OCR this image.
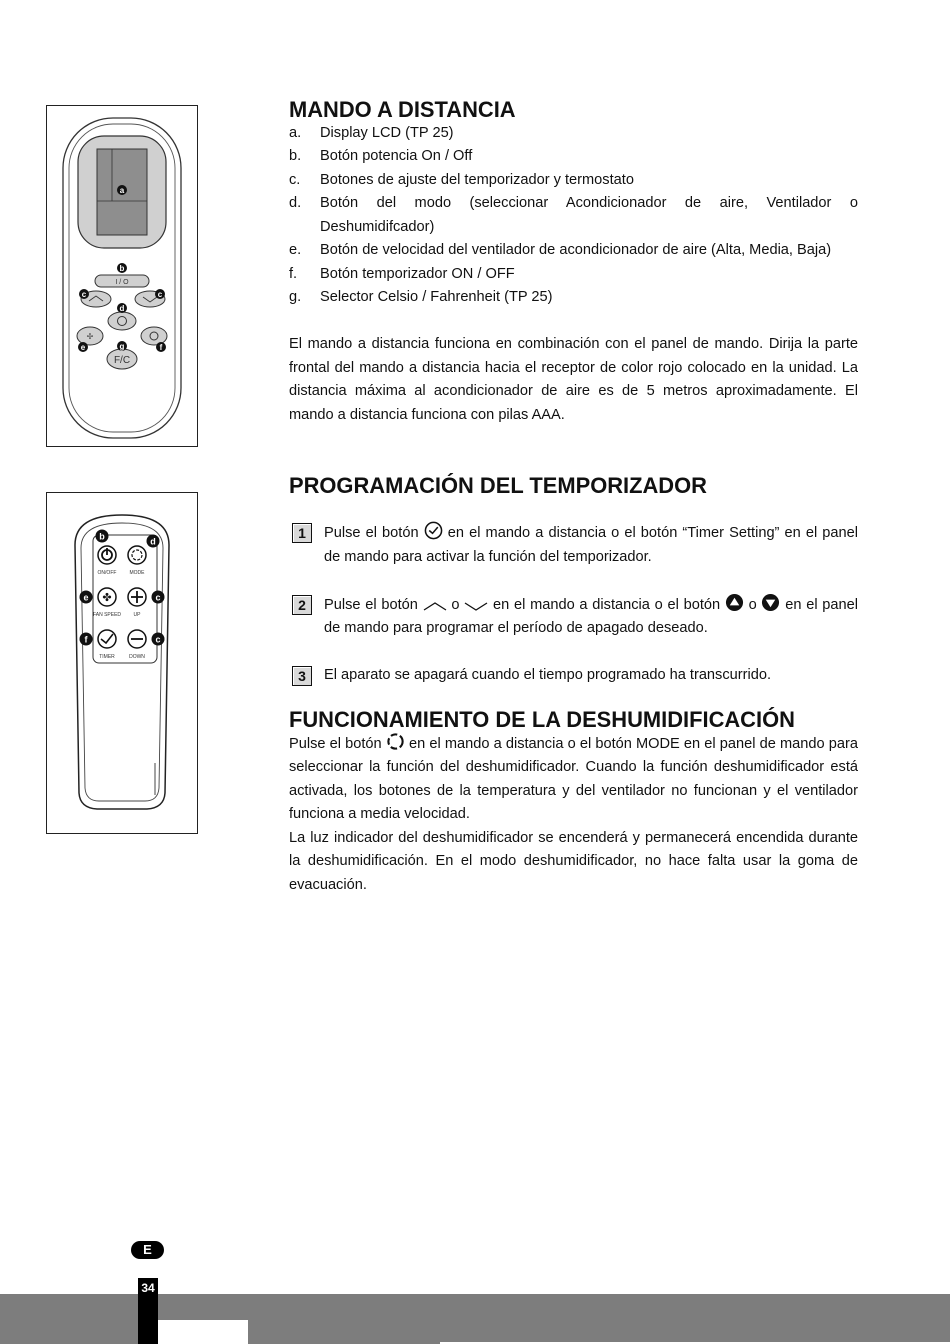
a
I / O
b
c	c
d
✢
e	f
F/C
g
ON/OFF	MODE
✤
FAN SPEED UP
TIMER	DOWN
b	d
e	c
f	c
MANDO A DISTANCIA
a.	Display LCD (TP 25)
b.	Botón potencia On / Off
c.	Botones de ajuste del temporizador y termostato
d.	Botón del modo (seleccionar Acondicionador de aire, Ventilador o Deshumidifcador)
e.	Botón de velocidad del ventilador de acondicionador de aire (Alta, Media, Baja)
f.	Botón temporizador ON / OFF
g.	Selector Celsio / Fahrenheit (TP 25)

El mando a distancia funciona en combinación con el panel de mando. Dirija la parte frontal del mando a distancia hacia el receptor de color rojo colocado en la unidad. La distancia máxima al acondicionador de aire es de 5 metros aproximadamente. El mando a distancia funciona con pilas AAA.

PROGRAMACIÓN DEL TEMPORIZADOR
1	Pulse el botón en el mando a distancia o el botón “Timer Setting” en el panel de mando para activar la función del temporizador.
2	Pulse el botón o en el mando a distancia o el botón o en el panel de mando para programar el período de apagado deseado.
3	El aparato se apagará cuando el tiempo programado ha transcurrido.
FUNCIONAMIENTO DE LA DESHUMIDIFICACIÓN

Pulse el botón en el mando a distancia o el botón MODE en el panel de mando para seleccionar la función del deshumidificador. Cuando la función deshumidificador está activada, los botones de la temperatura y del ventilador no funcionan y el ventilador funciona a media velocidad.

La luz indicador del deshumidificador se encenderá y permanecerá encendida durante la deshumidificación. En el modo deshumidificador, no hace falta usar la goma de evacuación.

E
34
